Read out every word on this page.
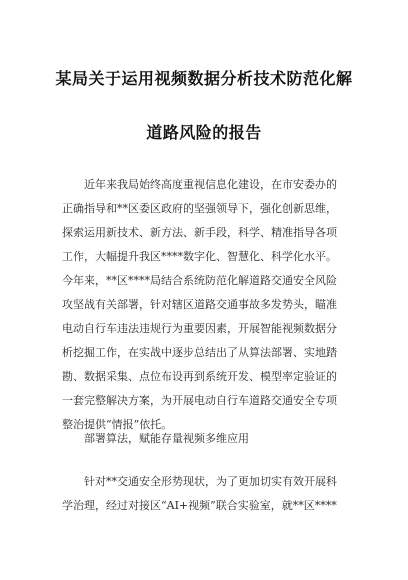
某局关于运用视频数据分析技术防范化解
道路风险的报告
近年来我局始终高度重视信息化建设，在市安委办的
正确指导和**区委区政府的坚强领导下，强化创新思维，
探索运用新技术、新方法、新手段，科学、精准指导各项
工作，大幅提升我区****数字化、智慧化、科学化水平。
今年来，**区****局结合系统防范化解道路交通安全风险
攻坚战有关部署，针对辖区道路交通事故多发势头，瞄准
电动自行车违法违规行为重要因素，开展智能视频数据分
析挖掘工作，在实战中逐步总结出了从算法部署、实地踏
勘、数据采集、点位布设再到系统开发、模型率定验证的
一套完整解决方案，为开展电动自行车道路交通安全专项
整治提供“情报”依托。
部署算法，赋能存量视频多维应用
针对**交通安全形势现状，为了更加切实有效开展科
学治理，经过对接区“AI+视频”联合实验室，就**区****
